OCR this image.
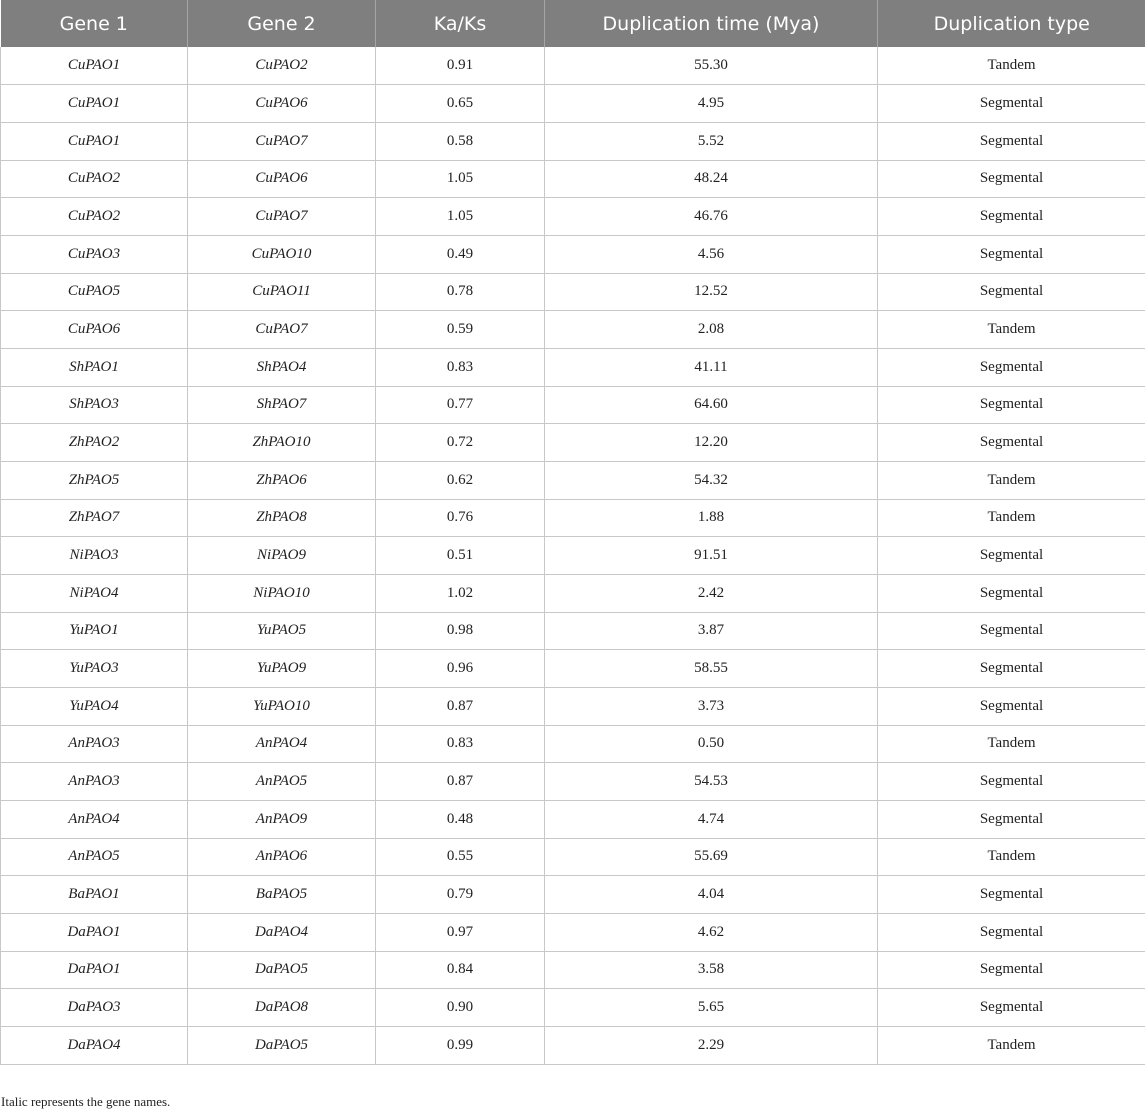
Gene 1	Gene 2	Ka/Ks	Duplication time (Mya)	Duplication type
CuPAO1	CuPAO2	0.91	55.30	Tandem
CuPAO1	CuPAO6	0.65	4.95	Segmental
CuPAO1	CuPAO7	0.58	5.52	Segmental
CuPAO2	CuPAO6	1.05	48.24	Segmental
CuPAO2	CuPAO7	1.05	46.76	Segmental
CuPAO3	CuPAO10	0.49	4.56	Segmental
CuPAO5	CuPAO11	0.78	12.52	Segmental
CuPAO6	CuPAO7	0.59	2.08	Tandem
ShPAO1	ShPAO4	0.83	41.11	Segmental
ShPAO3	ShPAO7	0.77	64.60	Segmental
ZhPAO2	ZhPAO10	0.72	12.20	Segmental
ZhPAO5	ZhPAO6	0.62	54.32	Tandem
ZhPAO7	ZhPAO8	0.76	1.88	Tandem
NiPAO3	NiPAO9	0.51	91.51	Segmental
NiPAO4	NiPAO10	1.02	2.42	Segmental
YuPAO1	YuPAO5	0.98	3.87	Segmental
YuPAO3	YuPAO9	0.96	58.55	Segmental
YuPAO4	YuPAO10	0.87	3.73	Segmental
AnPAO3	AnPAO4	0.83	0.50	Tandem
AnPAO3	AnPAO5	0.87	54.53	Segmental
AnPAO4	AnPAO9	0.48	4.74	Segmental
AnPAO5	AnPAO6	0.55	55.69	Tandem
BaPAO1	BaPAO5	0.79	4.04	Segmental
DaPAO1	DaPAO4	0.97	4.62	Segmental
DaPAO1	DaPAO5	0.84	3.58	Segmental
DaPAO3	DaPAO8	0.90	5.65	Segmental
DaPAO4	DaPAO5	0.99	2.29	Tandem
Italic represents the gene names.
